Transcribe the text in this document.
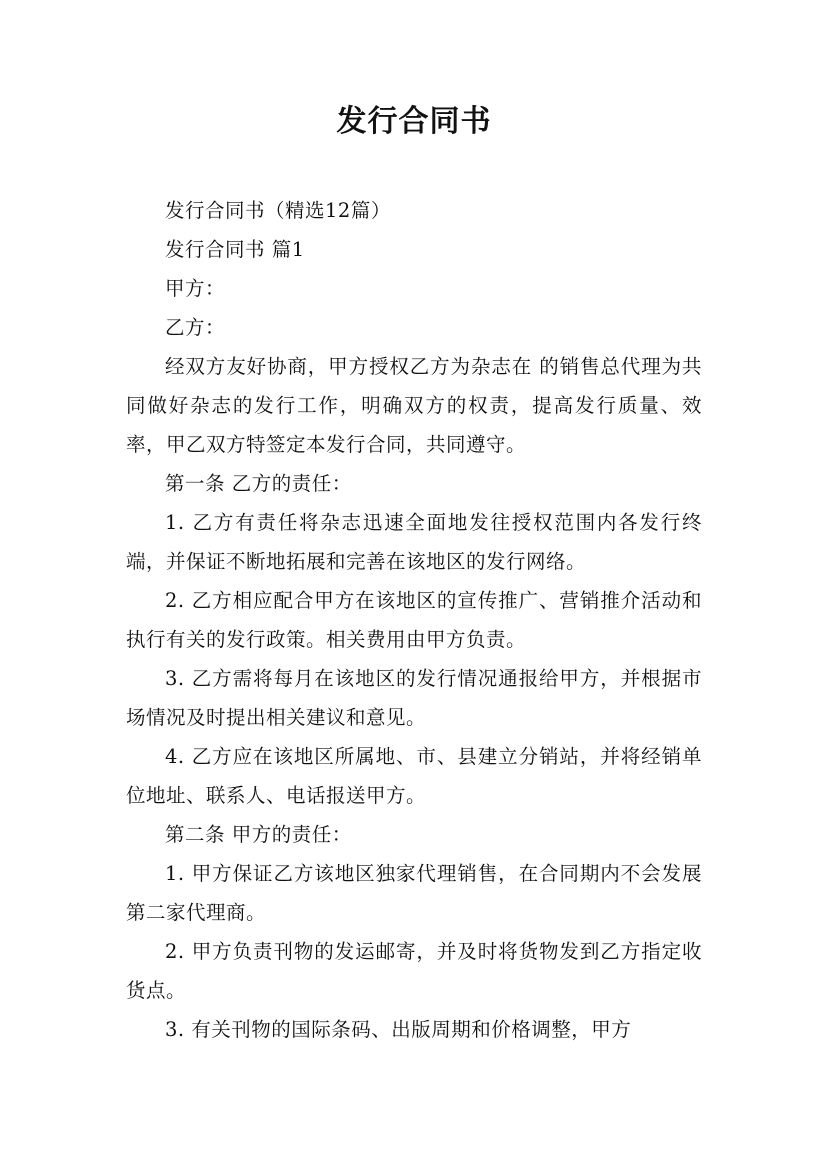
发行合同书

发行合同书（精选12篇）

发行合同书 篇1

甲方：

乙方：

经双方友好协商，甲方授权乙方为杂志在 的销售总代理为共同做好杂志的发行工作，明确双方的权责，提高发行质量、效率，甲乙双方特签定本发行合同，共同遵守。

第一条 乙方的责任：

1. 乙方有责任将杂志迅速全面地发往授权范围内各发行终端，并保证不断地拓展和完善在该地区的发行网络。

2. 乙方相应配合甲方在该地区的宣传推广、营销推介活动和执行有关的发行政策。相关费用由甲方负责。

3. 乙方需将每月在该地区的发行情况通报给甲方，并根据市场情况及时提出相关建议和意见。

4. 乙方应在该地区所属地、市、县建立分销站，并将经销单位地址、联系人、电话报送甲方。

第二条 甲方的责任：

1. 甲方保证乙方该地区独家代理销售，在合同期内不会发展第二家代理商。

2. 甲方负责刊物的发运邮寄，并及时将货物发到乙方指定收货点。

3. 有关刊物的国际条码、出版周期和价格调整，甲方
